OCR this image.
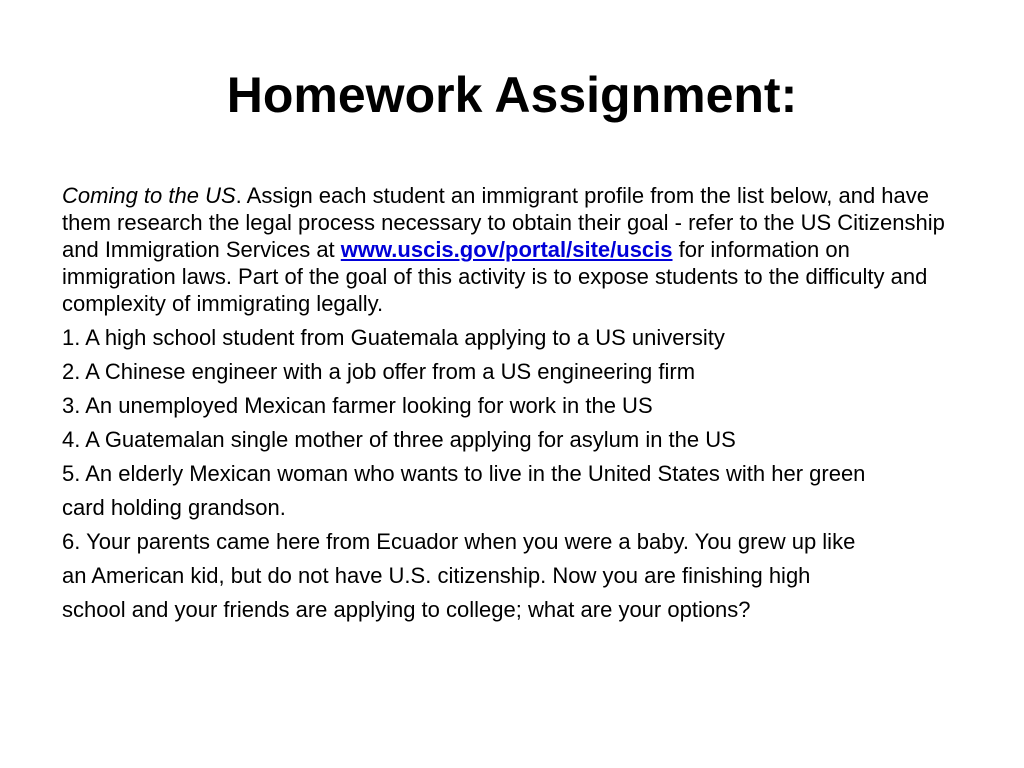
Homework Assignment:

Coming to the US. Assign each student an immigrant profile from the list below, and have them research the legal process necessary to obtain their goal - refer to the US Citizenship and Immigration Services at www.uscis.gov/portal/site/uscis for information on immigration laws. Part of the goal of this activity is to expose students to the difficulty and complexity of immigrating legally.

1. A high school student from Guatemala applying to a US university

2. A Chinese engineer with a job offer from a US engineering firm

3. An unemployed Mexican farmer looking for work in the US

4. A Guatemalan single mother of three applying for asylum in the US

5. An elderly Mexican woman who wants to live in the United States with her green

card holding grandson.

6. Your parents came here from Ecuador when you were a baby. You grew up like

an American kid, but do not have U.S. citizenship. Now you are finishing high

school and your friends are applying to college; what are your options?
